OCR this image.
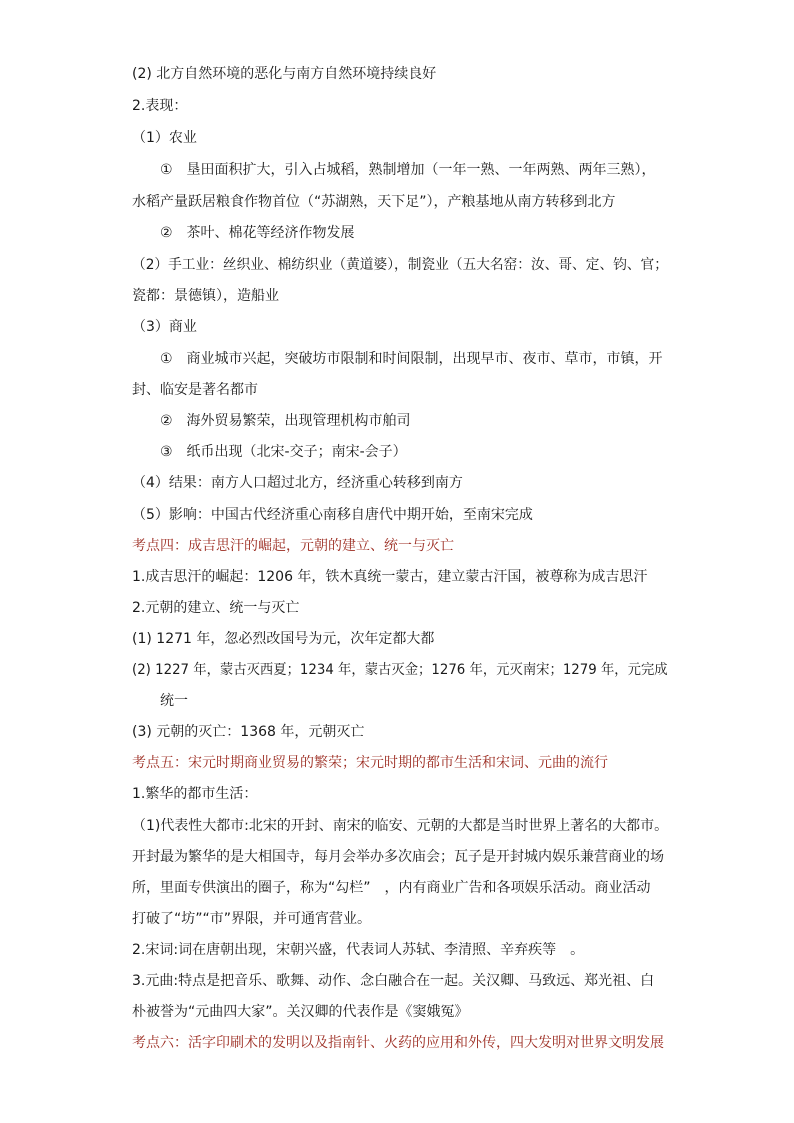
(2) 北方自然环境的恶化与南方自然环境持续良好
2.表现：
（1）农业
①　垦田面积扩大，引入占城稻，熟制增加（一年一熟、一年两熟、两年三熟），
水稻产量跃居粮食作物首位（“苏湖熟，天下足”），产粮基地从南方转移到北方
②　茶叶、棉花等经济作物发展
（2）手工业：丝织业、棉纺织业（黄道婆），制瓷业（五大名窑：汝、哥、定、钧、官；
瓷都：景德镇），造船业
（3）商业
①　商业城市兴起，突破坊市限制和时间限制，出现早市、夜市、草市，市镇，开
封、临安是著名都市
②　海外贸易繁荣，出现管理机构市舶司
③　纸币出现（北宋-交子；南宋-会子）
（4）结果：南方人口超过北方，经济重心转移到南方
（5）影响：中国古代经济重心南移自唐代中期开始，至南宋完成
考点四：成吉思汗的崛起，元朝的建立、统一与灭亡
1.成吉思汗的崛起：1206 年，铁木真统一蒙古，建立蒙古汗国，被尊称为成吉思汗
2.元朝的建立、统一与灭亡
(1) 1271 年，忽必烈改国号为元，次年定都大都
(2) 1227 年，蒙古灭西夏；1234 年，蒙古灭金；1276 年，元灭南宋；1279 年，元完成
统一
(3) 元朝的灭亡：1368 年，元朝灭亡
考点五：宋元时期商业贸易的繁荣；宋元时期的都市生活和宋词、元曲的流行
1.繁华的都市生活：
（1)代表性大都市:北宋的开封、南宋的临安、元朝的大都是当时世界上著名的大都市。
开封最为繁华的是大相国寺，每月会举办多次庙会；瓦子是开封城内娱乐兼营商业的场
所，里面专供演出的圈子，称为“勾栏”　，内有商业广告和各项娱乐活动。商业活动
打破了“坊”“市”界限，并可通宵营业。
2.宋词:词在唐朝出现，宋朝兴盛，代表词人苏轼、李清照、辛弃疾等　。
3.元曲:特点是把音乐、歌舞、动作、念白融合在一起。关汉卿、马致远、郑光祖、白
朴被誉为“元曲四大家”。关汉卿的代表作是《窦娥冤》
考点六：活字印刷术的发明以及指南针、火药的应用和外传，四大发明对世界文明发展
